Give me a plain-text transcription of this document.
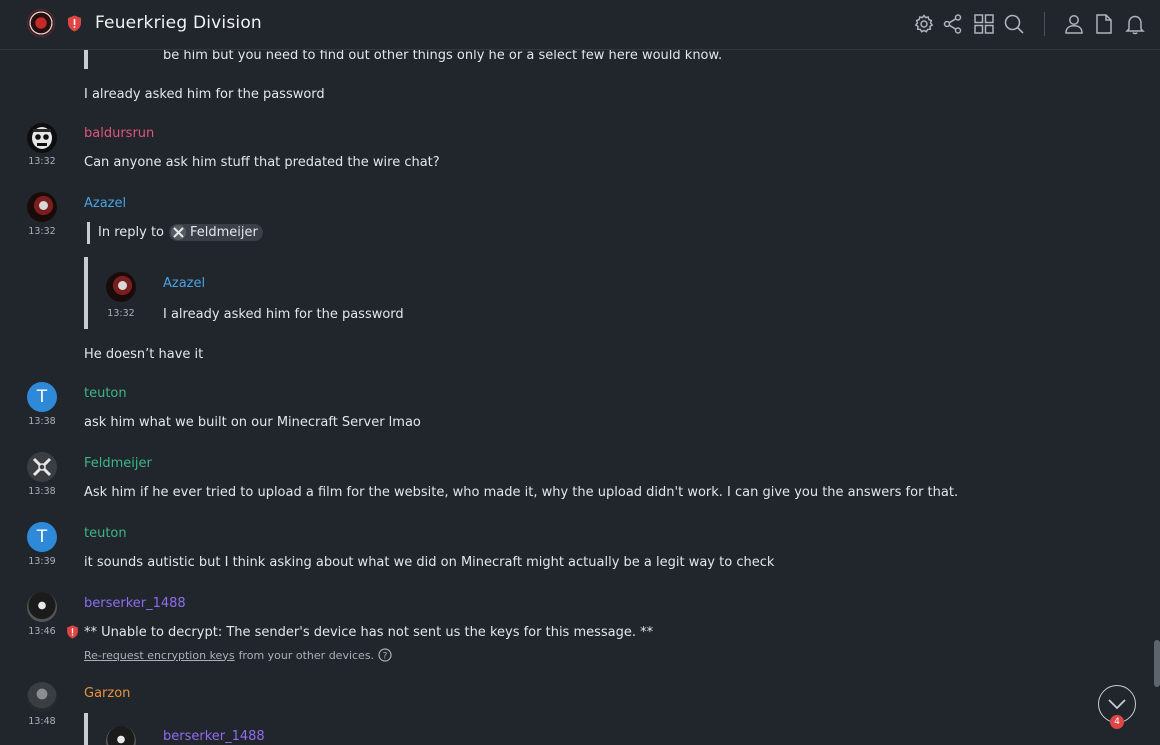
Feuerkrieg Division
be him but you need to find out other things only he or a select few here would know.
I already asked him for the password
13:32
baldursrun
Can anyone ask him stuff that predated the wire chat?
13:32
Azazel
In reply to Feldmeijer
13:32
Azazel
I already asked him for the password
He doesn’t have it
T
13:38
teuton
ask him what we built on our Minecraft Server lmao
13:38
Feldmeijer
Ask him if he ever tried to upload a film for the website, who made it, why the upload didn't work. I can give you the answers for that.
T
13:39
teuton
it sounds autistic but I think asking about what we did on Minecraft might actually be a legit way to check
13:46
berserker_1488
** Unable to decrypt: The sender's device has not sent us the keys for this message. **
Re-request encryption keys from your other devices. ?
13:48
Garzon
berserker_1488
4
